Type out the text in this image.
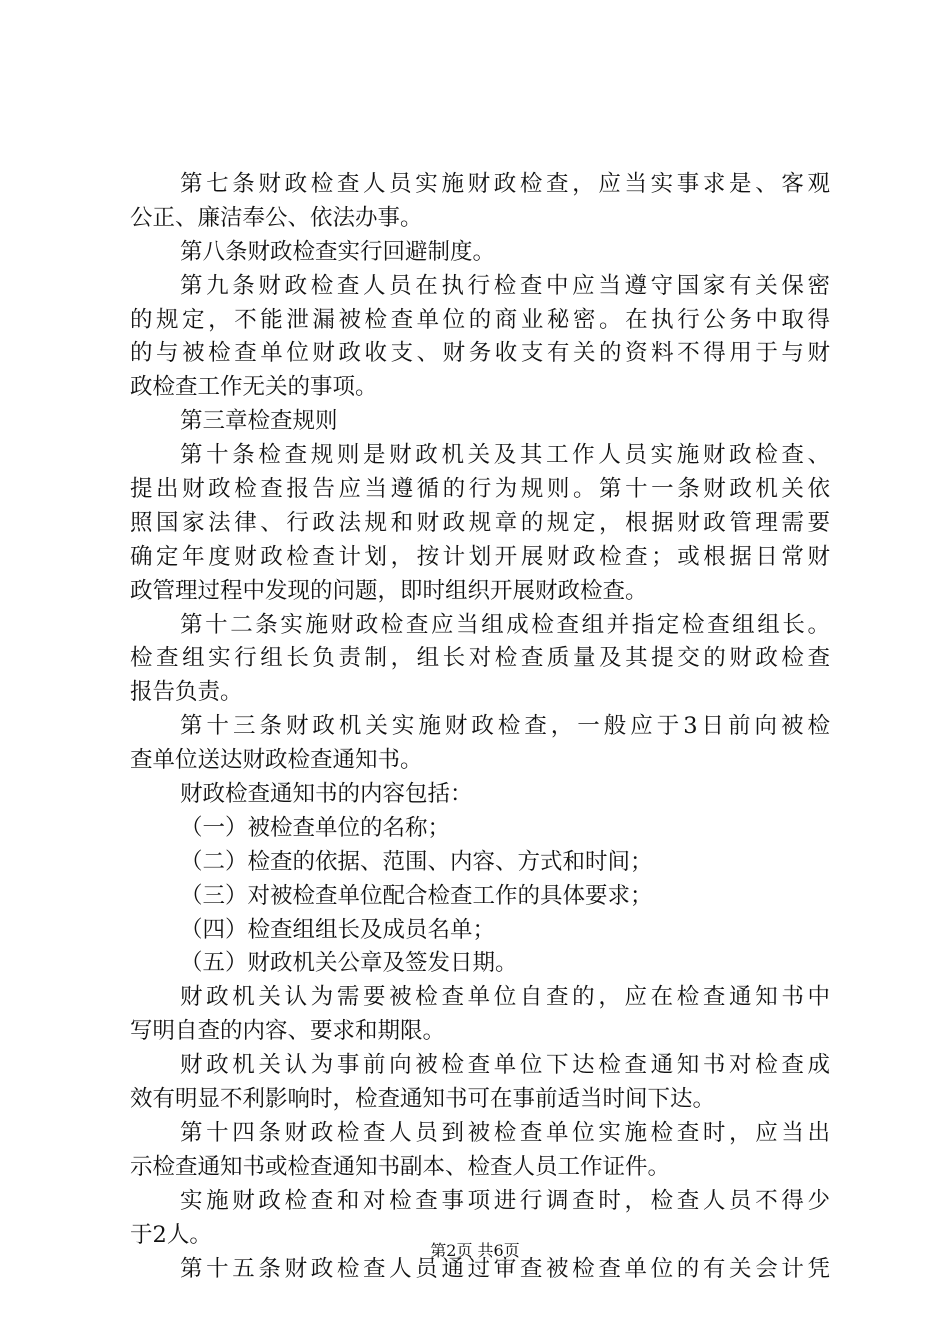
第七条财政检查人员实施财政检查，应当实事求是、客观
公正、廉洁奉公、依法办事。
第八条财政检查实行回避制度。
第九条财政检查人员在执行检查中应当遵守国家有关保密
的规定，不能泄漏被检查单位的商业秘密。在执行公务中取得
的与被检查单位财政收支、财务收支有关的资料不得用于与财
政检查工作无关的事项。
第三章检查规则
第十条检查规则是财政机关及其工作人员实施财政检查、
提出财政检查报告应当遵循的行为规则。第十一条财政机关依
照国家法律、行政法规和财政规章的规定，根据财政管理需要
确定年度财政检查计划，按计划开展财政检查；或根据日常财
政管理过程中发现的问题，即时组织开展财政检查。
第十二条实施财政检查应当组成检查组并指定检查组组长。
检查组实行组长负责制，组长对检查质量及其提交的财政检查
报告负责。
第十三条财政机关实施财政检查，一般应于3日前向被检
查单位送达财政检查通知书。
财政检查通知书的内容包括：
（一）被检查单位的名称；
（二）检查的依据、范围、内容、方式和时间；
（三）对被检查单位配合检查工作的具体要求；
（四）检查组组长及成员名单；
（五）财政机关公章及签发日期。
财政机关认为需要被检查单位自查的，应在检查通知书中
写明自查的内容、要求和期限。
财政机关认为事前向被检查单位下达检查通知书对检查成
效有明显不利影响时，检查通知书可在事前适当时间下达。
第十四条财政检查人员到被检查单位实施检查时，应当出
示检查通知书或检查通知书副本、检查人员工作证件。
实施财政检查和对检查事项进行调查时，检查人员不得少
于2人。
第十五条财政检查人员通过审查被检查单位的有关会计凭
第2页 共6页
